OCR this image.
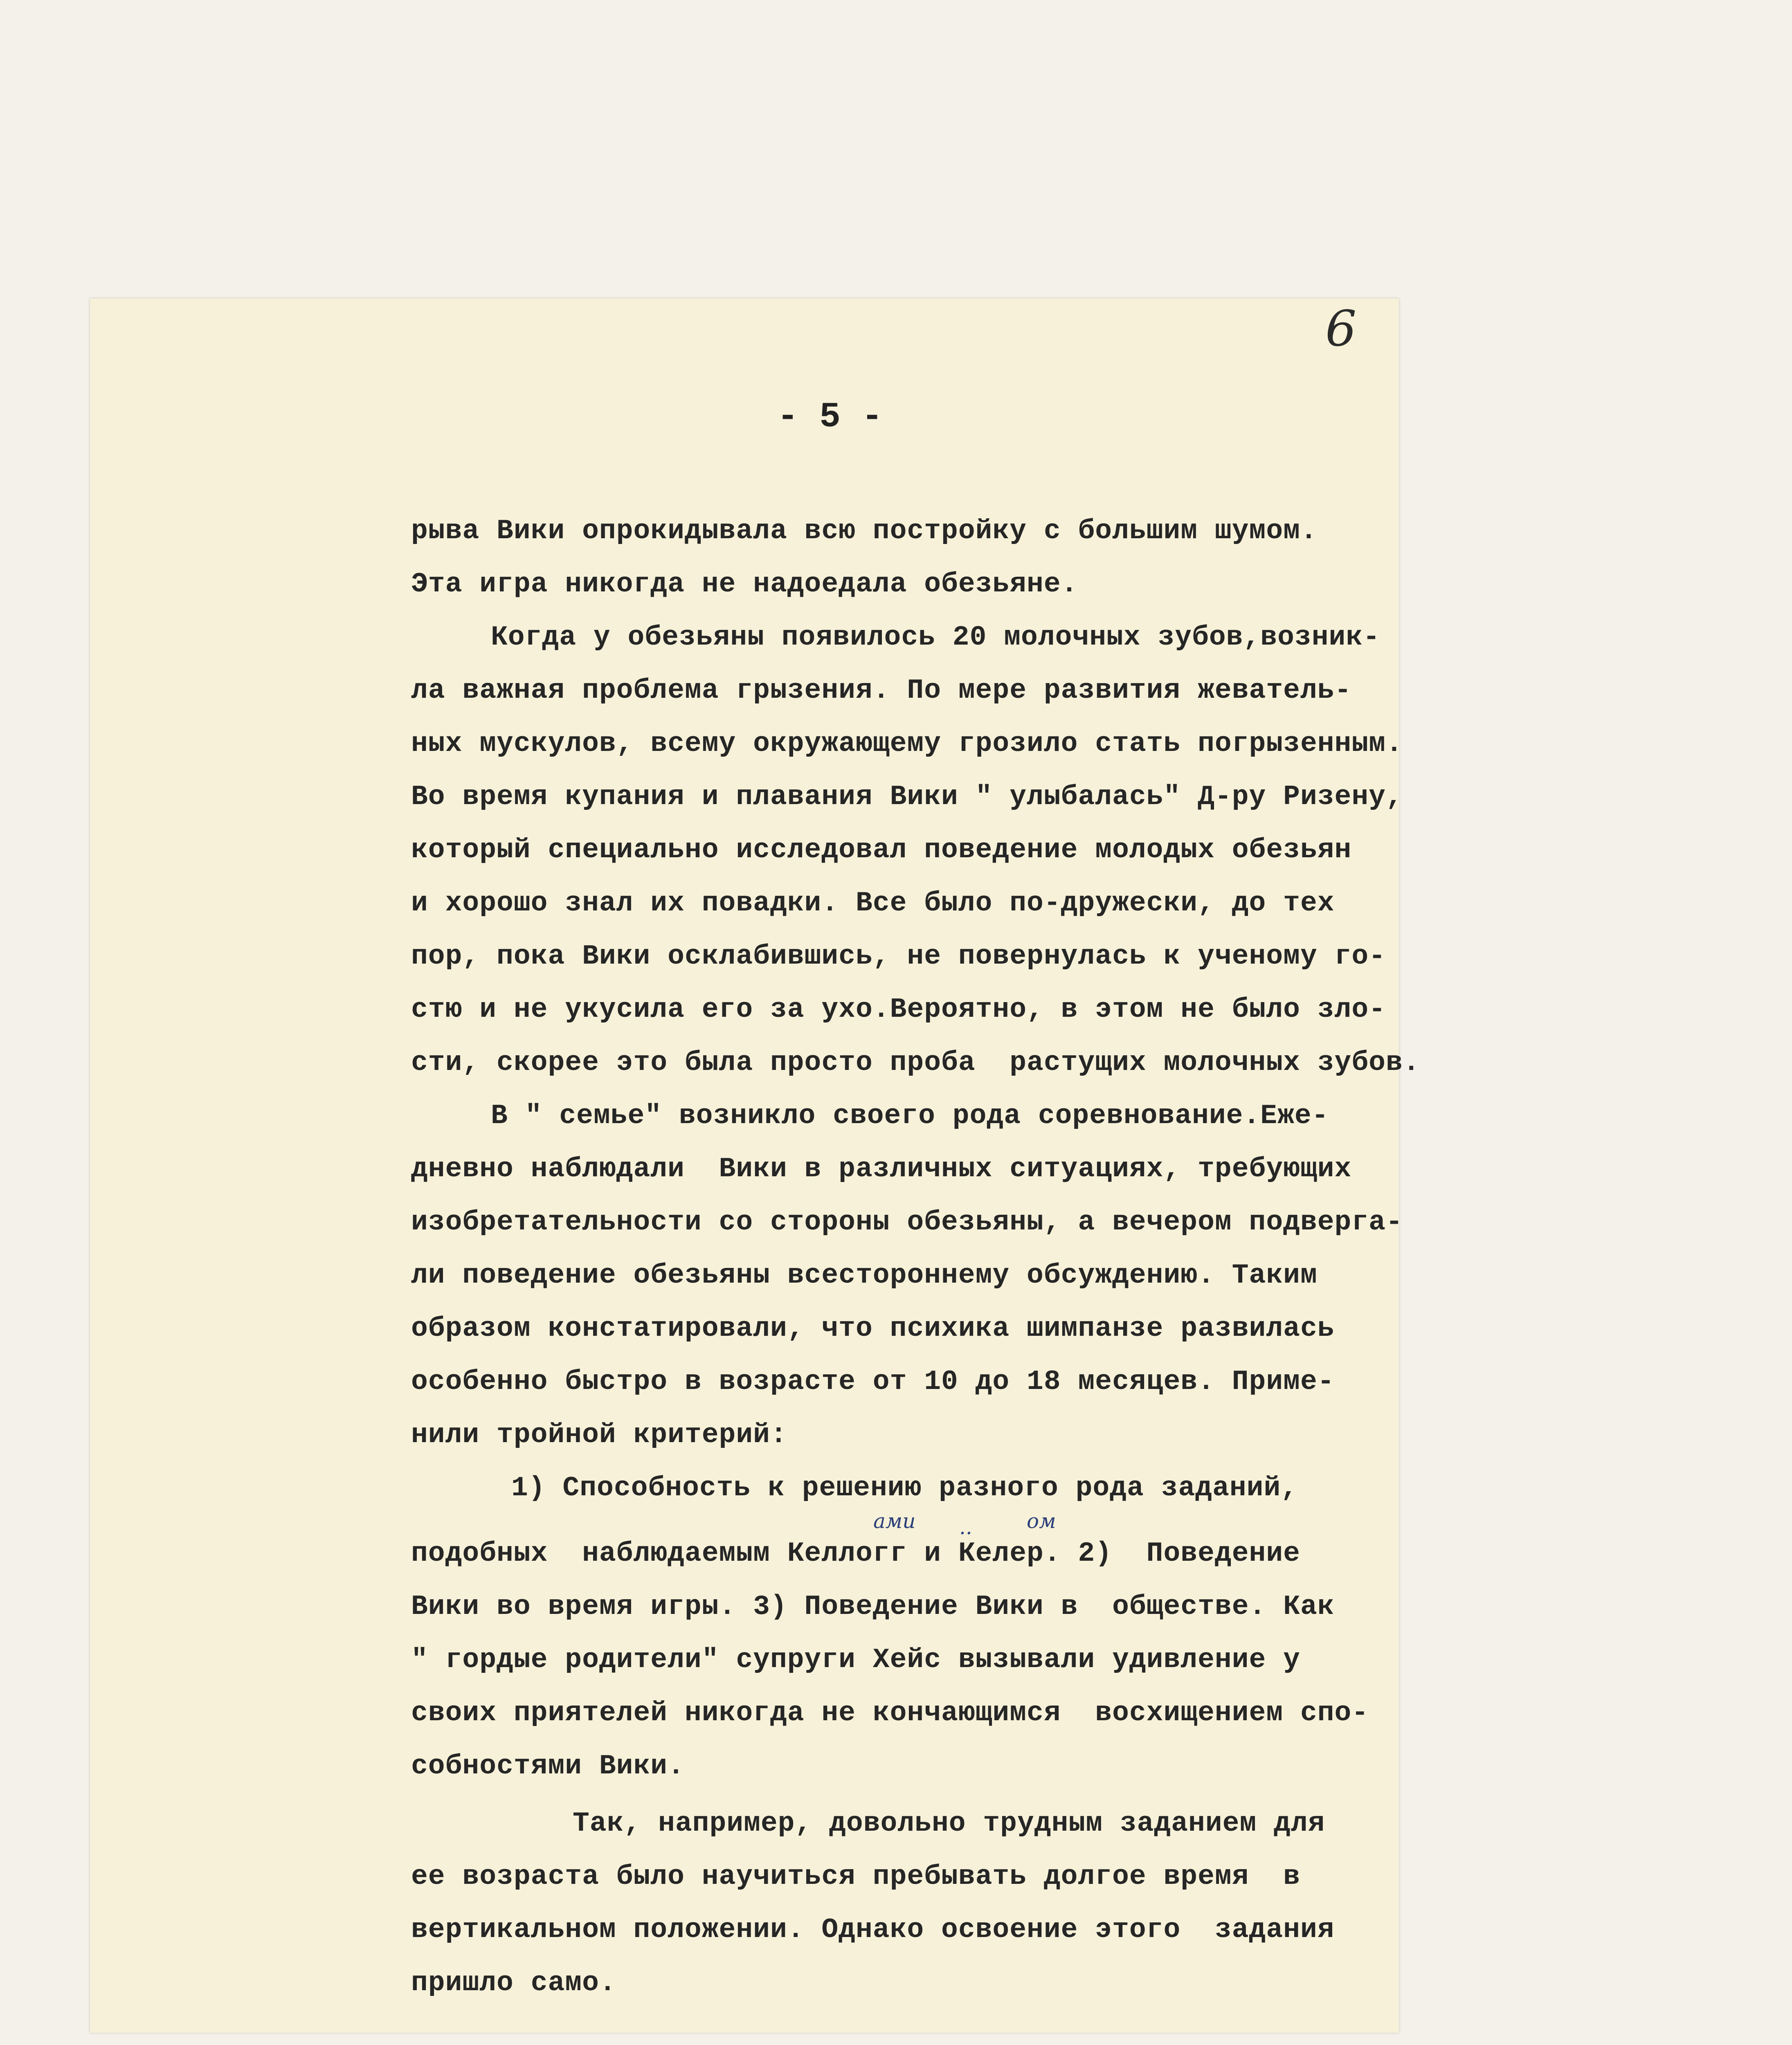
6
- 5 -
рыва Вики опрокидывала всю постройку с большим шумом.
Эта игра никогда не надоедала обезьяне.
Когда у обезьяны появилось 20 молочных зубов,возник-
ла важная проблема грызения. По мере развития жеватель-
ных мускулов, всему окружающему грозило стать погрызенным.
Во время купания и плавания Вики " улыбалась" Д-ру Ризену,
который специально исследовал поведение молодых обезьян
и хорошо знал их повадки. Все было по-дружески, до тех
пор, пока Вики осклабившись, не повернулась к ученому го-
стю и не укусила его за ухо.Вероятно, в этом не было зло-
сти, скорее это была просто проба  растущих молочных зубов.
В " семье" возникло своего рода соревнование.Еже-
дневно наблюдали  Вики в различных ситуациях, требующих
изобретательности со стороны обезьяны, а вечером подверга-
ли поведение обезьяны всестороннему обсуждению. Таким
образом констатировали, что психика шимпанзе развилась
особенно быстро в возрасте от 10 до 18 месяцев. Приме-
нили тройной критерий:
1) Способность к решению разного рода заданий,
подобных  наблюдаемым Келлогг и Келер. 2)  Поведение
Вики во время игры. 3) Поведение Вики в  обществе. Как
" гордые родители" супруги Хейс вызывали удивление у
своих приятелей никогда не кончающимся  восхищением спо-
собностями Вики.
Так, например, довольно трудным заданием для
ее возраста было научиться пребывать долгое время  в
вертикальном положении. Однако освоение этого  задания
пришло само.
ами ..	ом
